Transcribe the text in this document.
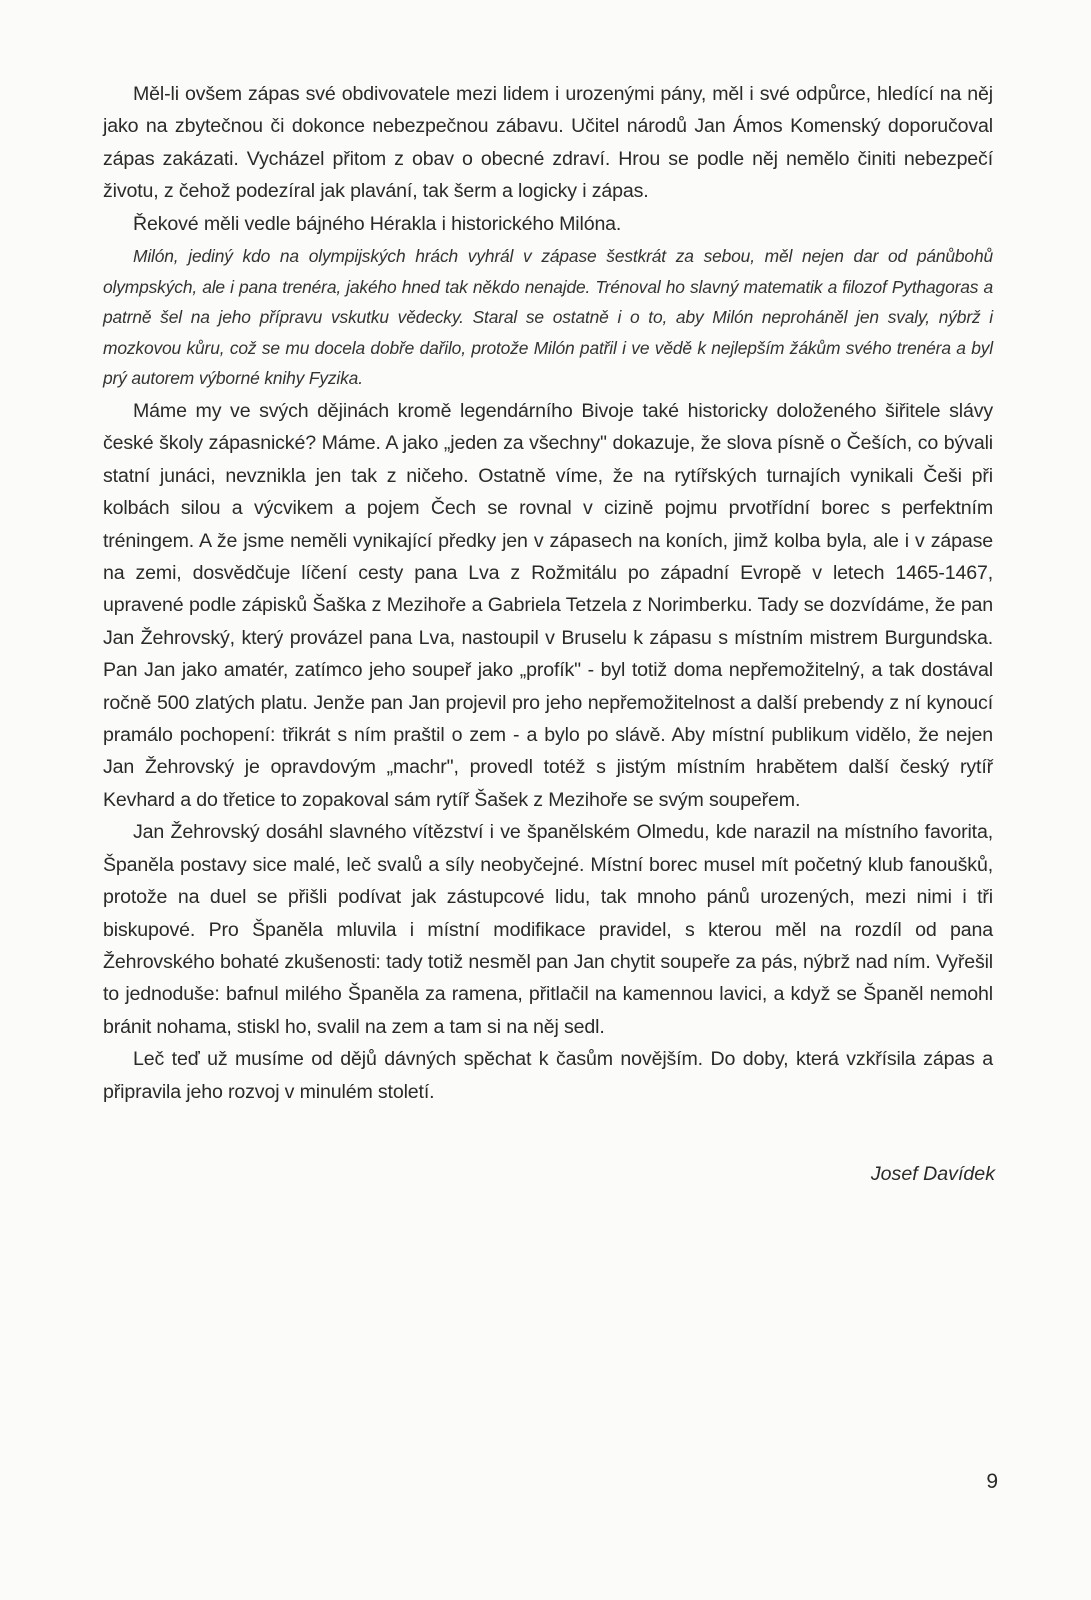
Měl-li ovšem zápas své obdivovatele mezi lidem i urozenými pány, měl i své odpůrce, hledící na něj jako na zbytečnou či dokonce nebezpečnou zábavu. Učitel národů Jan Ámos Komenský doporučoval zápas zakázati. Vycházel přitom z obav o obecné zdraví. Hrou se podle něj nemělo činiti nebezpečí životu, z čehož podezíral jak plavání, tak šerm a logicky i zápas.

Řekové měli vedle bájného Hérakla i historického Milóna.

Milón, jediný kdo na olympijských hrách vyhrál v zápase šestkrát za sebou, měl nejen dar od pánůbohů olympských, ale i pana trenéra, jakého hned tak někdo nenajde. Trénoval ho slavný matematik a filozof Pythagoras a patrně šel na jeho přípravu vskutku vědecky. Staral se ostatně i o to, aby Milón neproháněl jen svaly, nýbrž i mozkovou kůru, což se mu docela dobře dařilo, protože Milón patřil i ve vědě k nejlepším žákům svého trenéra a byl prý autorem výborné knihy Fyzika.

Máme my ve svých dějinách kromě legendárního Bivoje také historicky doloženého šiřitele slávy české školy zápasnické? Máme. A jako „jeden za všechny" dokazuje, že slova písně o Češích, co bývali statní junáci, nevznikla jen tak z ničeho. Ostatně víme, že na rytířských turnajích vynikali Češi při kolbách silou a výcvikem a pojem Čech se rovnal v cizině pojmu prvotřídní borec s perfektním tréningem. A že jsme neměli vynikající předky jen v zápasech na koních, jimž kolba byla, ale i v zápase na zemi, dosvědčuje líčení cesty pana Lva z Rožmitálu po západní Evropě v letech 1465-1467, upravené podle zápisků Šaška z Mezihoře a Gabriela Tetzela z Norimberku. Tady se dozvídáme, že pan Jan Žehrovský, který provázel pana Lva, nastoupil v Bruselu k zápasu s místním mistrem Burgundska. Pan Jan jako amatér, zatímco jeho soupeř jako „profík" - byl totiž doma nepřemožitelný, a tak dostával ročně 500 zlatých platu. Jenže pan Jan projevil pro jeho nepřemožitelnost a další prebendy z ní kynoucí pramálo pochopení: třikrát s ním praštil o zem - a bylo po slávě. Aby místní publikum vidělo, že nejen Jan Žehrovský je opravdovým „machr", provedl totéž s jistým místním hrabětem další český rytíř Kevhard a do třetice to zopakoval sám rytíř Šašek z Mezihoře se svým soupeřem.

Jan Žehrovský dosáhl slavného vítězství i ve španělském Olmedu, kde narazil na místního favorita, Španěla postavy sice malé, leč svalů a síly neobyčejné. Místní borec musel mít početný klub fanoušků, protože na duel se přišli podívat jak zástupcové lidu, tak mnoho pánů urozených, mezi nimi i tři biskupové. Pro Španěla mluvila i místní modifikace pravidel, s kterou měl na rozdíl od pana Žehrovského bohaté zkušenosti: tady totiž nesměl pan Jan chytit soupeře za pás, nýbrž nad ním. Vyřešil to jednoduše: bafnul milého Španěla za ramena, přitlačil na kamennou lavici, a když se Španěl nemohl bránit nohama, stiskl ho, svalil na zem a tam si na něj sedl.

Leč teď už musíme od dějů dávných spěchat k časům novějším. Do doby, která vzkřísila zápas a připravila jeho rozvoj v minulém století.

Josef Davídek
9
